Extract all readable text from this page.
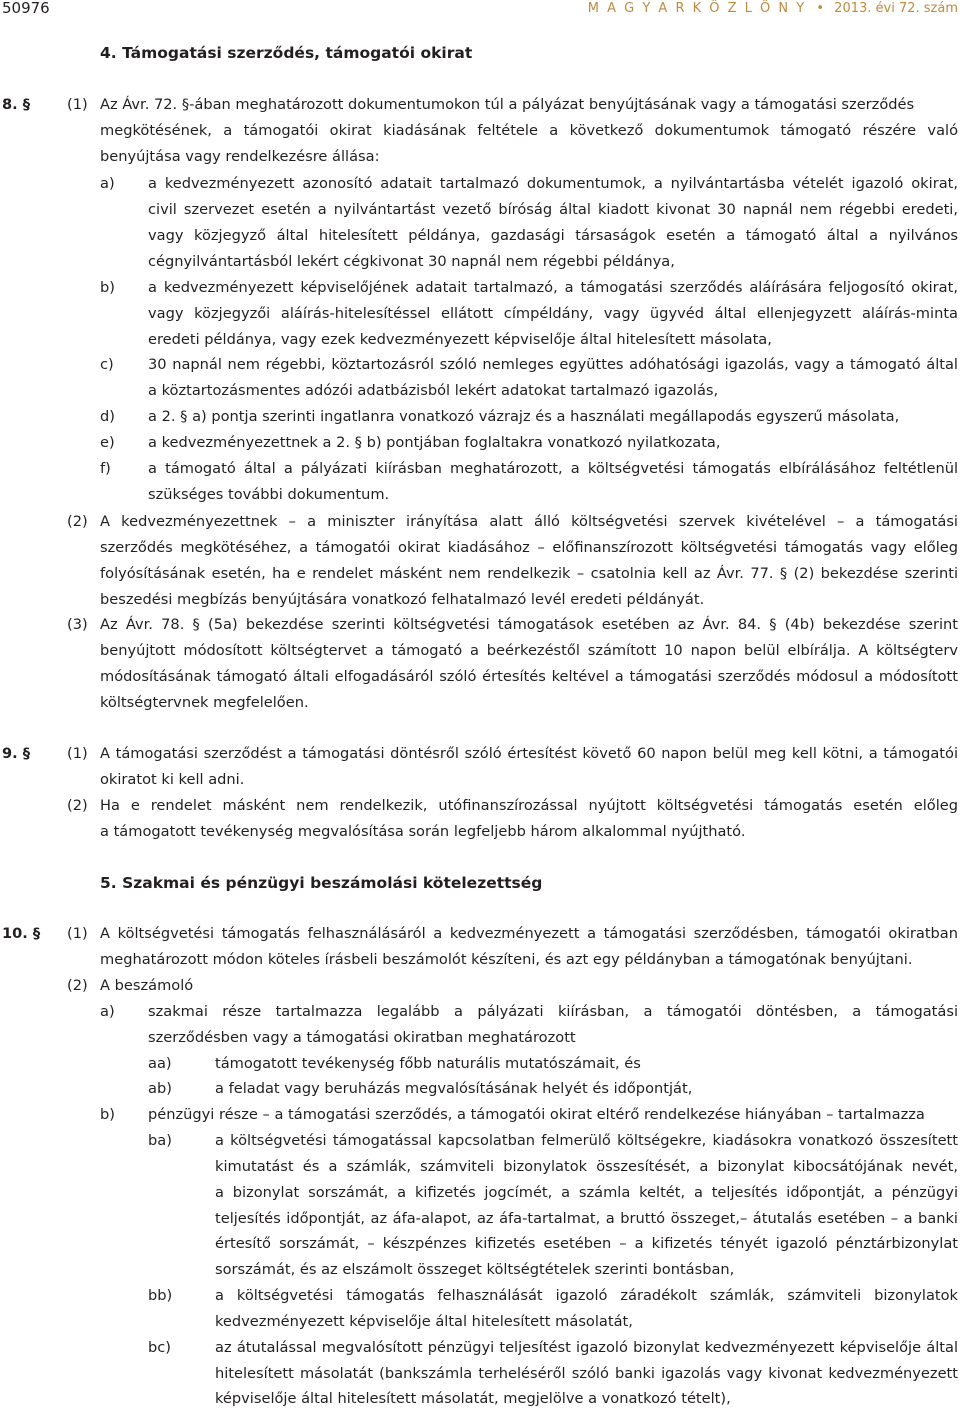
50976	M A G Y A R K Ö Z L Ö N Y • 2013. évi 72. szám
4. Támogatási szerződés, támogatói okirat
8. §	(1) Az Ávr. 72. §-ában meghatározott dokumentumokon túl a pályázat benyújtásának vagy a támogatási szerződés
megkötésének, a támogatói okirat kiadásának feltétele a következő dokumentumok támogató részére való
benyújtása vagy rendelkezésre állása:
a) a kedvezményezett azonosító adatait tartalmazó dokumentumok, a nyilvántartásba vételét igazoló okirat,
civil szervezet esetén a nyilvántartást vezető bíróság által kiadott kivonat 30 napnál nem régebbi eredeti,
vagy közjegyző által hitelesített példánya, gazdasági társaságok esetén a támogató által a nyilvános
cégnyilvántartásból lekért cégkivonat 30 napnál nem régebbi példánya,
b) a kedvezményezett képviselőjének adatait tartalmazó, a támogatási szerződés aláírására feljogosító okirat,
vagy közjegyzői aláírás-hitelesítéssel ellátott címpéldány, vagy ügyvéd által ellenjegyzett aláírás-minta
eredeti példánya, vagy ezek kedvezményezett képviselője által hitelesített másolata,
c) 30 napnál nem régebbi, köztartozásról szóló nemleges együttes adóhatósági igazolás, vagy a támogató által
a köztartozásmentes adózói adatbázisból lekért adatokat tartalmazó igazolás,
d) a 2. § a) pontja szerinti ingatlanra vonatkozó vázrajz és a használati megállapodás egyszerű másolata,
e) a kedvezményezettnek a 2. § b) pontjában foglaltakra vonatkozó nyilatkozata,
f)	a támogató által a pályázati kiírásban meghatározott, a költségvetési támogatás elbírálásához feltétlenül
szükséges további dokumentum.
(2) A kedvezményezettnek – a miniszter irányítása alatt álló költségvetési szervek kivételével – a támogatási
szerződés megkötéséhez, a támogatói okirat kiadásához – előfinanszírozott költségvetési támogatás vagy előleg
folyósításának esetén, ha e rendelet másként nem rendelkezik – csatolnia kell az Ávr. 77. § (2) bekezdése szerinti
beszedési megbízás benyújtására vonatkozó felhatalmazó levél eredeti példányát.
(3) Az Ávr. 78. § (5a) bekezdése szerinti költségvetési támogatások esetében az Ávr. 84. § (4b) bekezdése szerint
benyújtott módosított költségtervet a támogató a beérkezéstől számított 10 napon belül elbírálja. A költségterv
módosításának támogató általi elfogadásáról szóló értesítés keltével a támogatási szerződés módosul a módosított
költségtervnek megfelelően.
9. §	(1) A támogatási szerződést a támogatási döntésről szóló értesítést követő 60 napon belül meg kell kötni, a támogatói
okiratot ki kell adni.
(2) Ha e rendelet másként nem rendelkezik, utófinanszírozással nyújtott költségvetési támogatás esetén előleg
a támogatott tevékenység megvalósítása során legfeljebb három alkalommal nyújtható.
5. Szakmai és pénzügyi beszámolási kötelezettség
10. § (1) A költségvetési támogatás felhasználásáról a kedvezményezett a támogatási szerződésben, támogatói okiratban
meghatározott módon köteles írásbeli beszámolót készíteni, és azt egy példányban a támogatónak benyújtani.
(2) A beszámoló
a) szakmai része tartalmazza legalább a pályázati kiírásban, a támogatói döntésben, a támogatási
szerződésben vagy a támogatási okiratban meghatározott
aa)	támogatott tevékenység főbb naturális mutatószámait, és
ab)	a feladat vagy beruházás megvalósításának helyét és időpontját,
b) pénzügyi része – a támogatási szerződés, a támogatói okirat eltérő rendelkezése hiányában – tartalmazza
ba)	a költségvetési támogatással kapcsolatban felmerülő költségekre, kiadásokra vonatkozó összesített
kimutatást és a számlák, számviteli bizonylatok összesítését, a bizonylat kibocsátójának nevét,
a bizonylat sorszámát, a kifizetés jogcímét, a számla keltét, a teljesítés időpontját, a pénzügyi
teljesítés időpontját, az áfa-alapot, az áfa-tartalmat, a bruttó összeget,– átutalás esetében – a banki
értesítő sorszámát, – készpénzes kifizetés esetében – a kifizetés tényét igazoló pénztárbizonylat
sorszámát, és az elszámolt összeget költségtételek szerinti bontásban,
bb)	a költségvetési támogatás felhasználását igazoló záradékolt számlák, számviteli bizonylatok
kedvezményezett képviselője által hitelesített másolatát,
bc)	az átutalással megvalósított pénzügyi teljesítést igazoló bizonylat kedvezményezett képviselője által
hitelesített másolatát (bankszámla terheléséről szóló banki igazolás vagy kivonat kedvezményezett
képviselője által hitelesített másolatát, megjelölve a vonatkozó tételt),
